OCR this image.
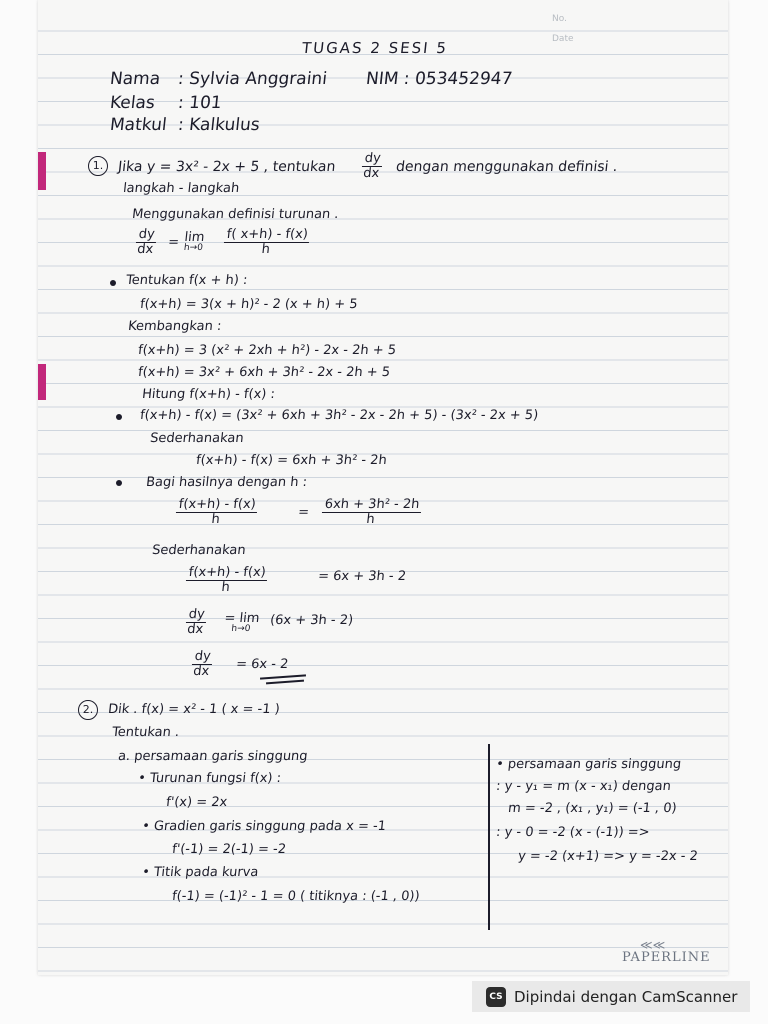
No.
Date
TUGAS 2 SESI 5
Nama : Sylvia Anggraini NIM : 053452947
Kelas : 101
Matkul : Kalkulus
1. Jika y = 3x² - 2x + 5 , tentukan $\frac{dy}{dx}$ dengan menggunakan definisi .
langkah - langkah
Menggunakan definisi turunan .
$\frac{dy}{dx} = \lim$
$h\to 0 \frac{f( x+h) - f(x)}{h}$
Tentukan f(x + h) :
f(x+h) = 3(x + h)² - 2 (x + h) + 5
Kembangkan :
f(x+h) = 3 (x² + 2xh + h²) - 2x - 2h + 5
f(x+h) = 3x² + 6xh + 3h² - 2x - 2h + 5
Hitung f(x+h) - f(x) :
f(x+h) - f(x) = (3x² + 6xh + 3h² - 2x - 2h + 5) - (3x² - 2x + 5)
Sederhanakan
f(x+h) - f(x) = 6xh + 3h² - 2h
Bagi hasilnya dengan h :
$\frac{f(x+h) - f(x)}{h}$	= $\frac{\text{6xh + 3h² - 2h}}{h}$
Sederhanakan
$\frac{f(x+h) - f(x)}{h}$	= 6x + 3h - 2
$\frac{dy}{dx} = \lim$
h→0
(6x + 3h - 2)
$\frac{dy}{dx} = 6x - 2$
2.	Dik . f(x) = x² - 1 ( x = -1 )
Tentukan .
a. persamaan garis singgung
• Turunan fungsi f(x) :
f'(x) = 2x
• Gradien garis singgung pada x = -1
f'(-1) = 2(-1) = -2
• Titik pada kurva
f(-1) = (-1)² - 1 = 0 ( titiknya : (-1 , 0))
• persamaan garis singgung
: y - y₁ = m (x - x₁) dengan
m = -2 , (x₁ , y₁) = (-1 , 0)
: y - 0 = -2 (x - (-1)) =>
y = -2 (x+1) => y = -2x - 2
≪≪
PAPERLINE
CS Dipindai dengan CamScanner
